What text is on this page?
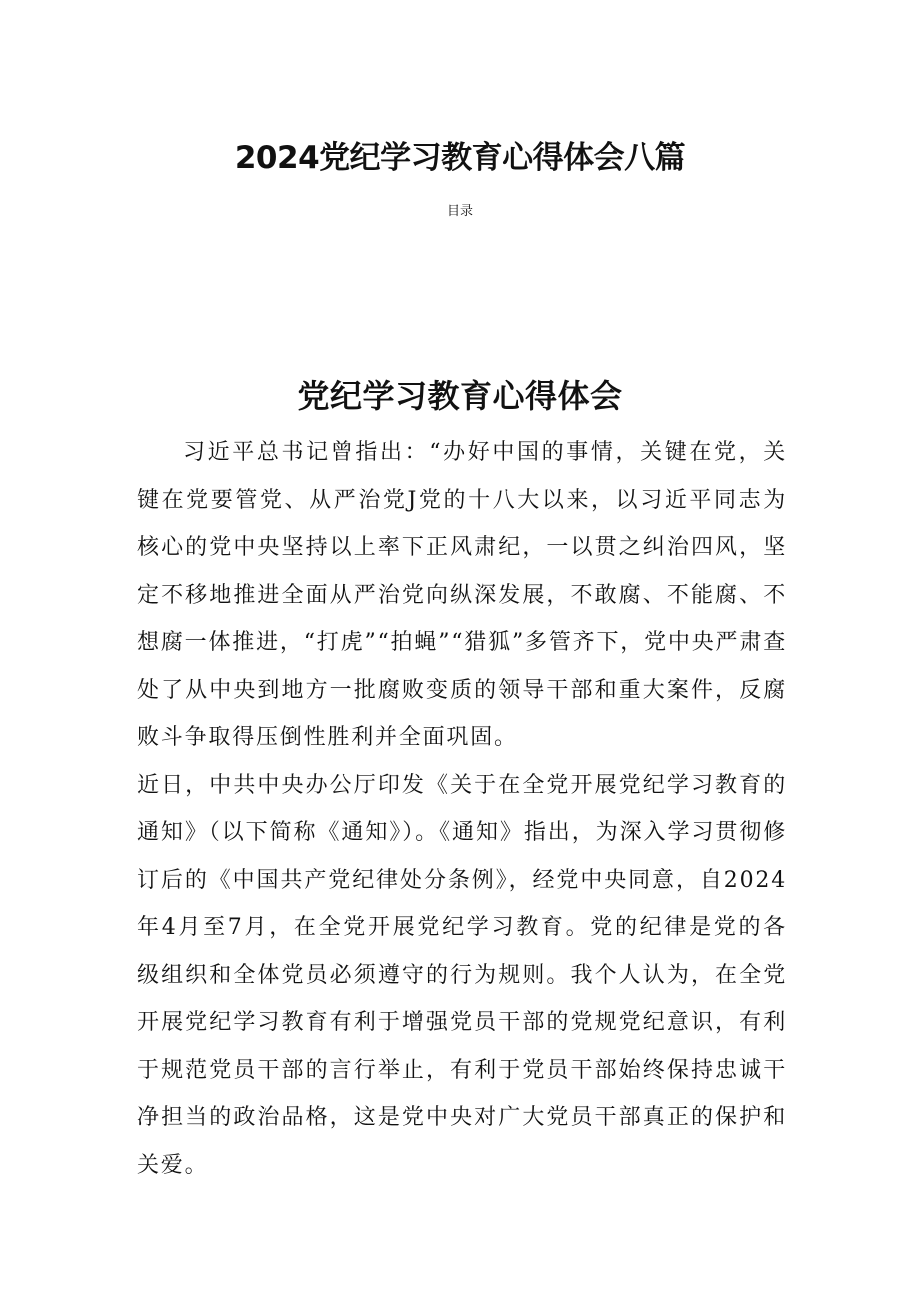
2024党纪学习教育心得体会八篇
目录
党纪学习教育心得体会

习近平总书记曾指出：“办好中国的事情，关键在党，关键在党要管党、从严治党J党的十八大以来，以习近平同志为核心的党中央坚持以上率下正风肃纪，一以贯之纠治四风，坚定不移地推进全面从严治党向纵深发展，不敢腐、不能腐、不想腐一体推进，“打虎”“拍蝇”“猎狐”多管齐下，党中央严肃查处了从中央到地方一批腐败变质的领导干部和重大案件，反腐败斗争取得压倒性胜利并全面巩固。

近日，中共中央办公厅印发《关于在全党开展党纪学习教育的通知》（以下简称《通知》）。《通知》指出，为深入学习贯彻修订后的《中国共产党纪律处分条例》，经党中央同意，自2024年4月至7月，在全党开展党纪学习教育。党的纪律是党的各级组织和全体党员必须遵守的行为规则。我个人认为，在全党开展党纪学习教育有利于增强党员干部的党规党纪意识，有利于规范党员干部的言行举止，有利于党员干部始终保持忠诚干净担当的政治品格，这是党中央对广大党员干部真正的保护和关爱。
